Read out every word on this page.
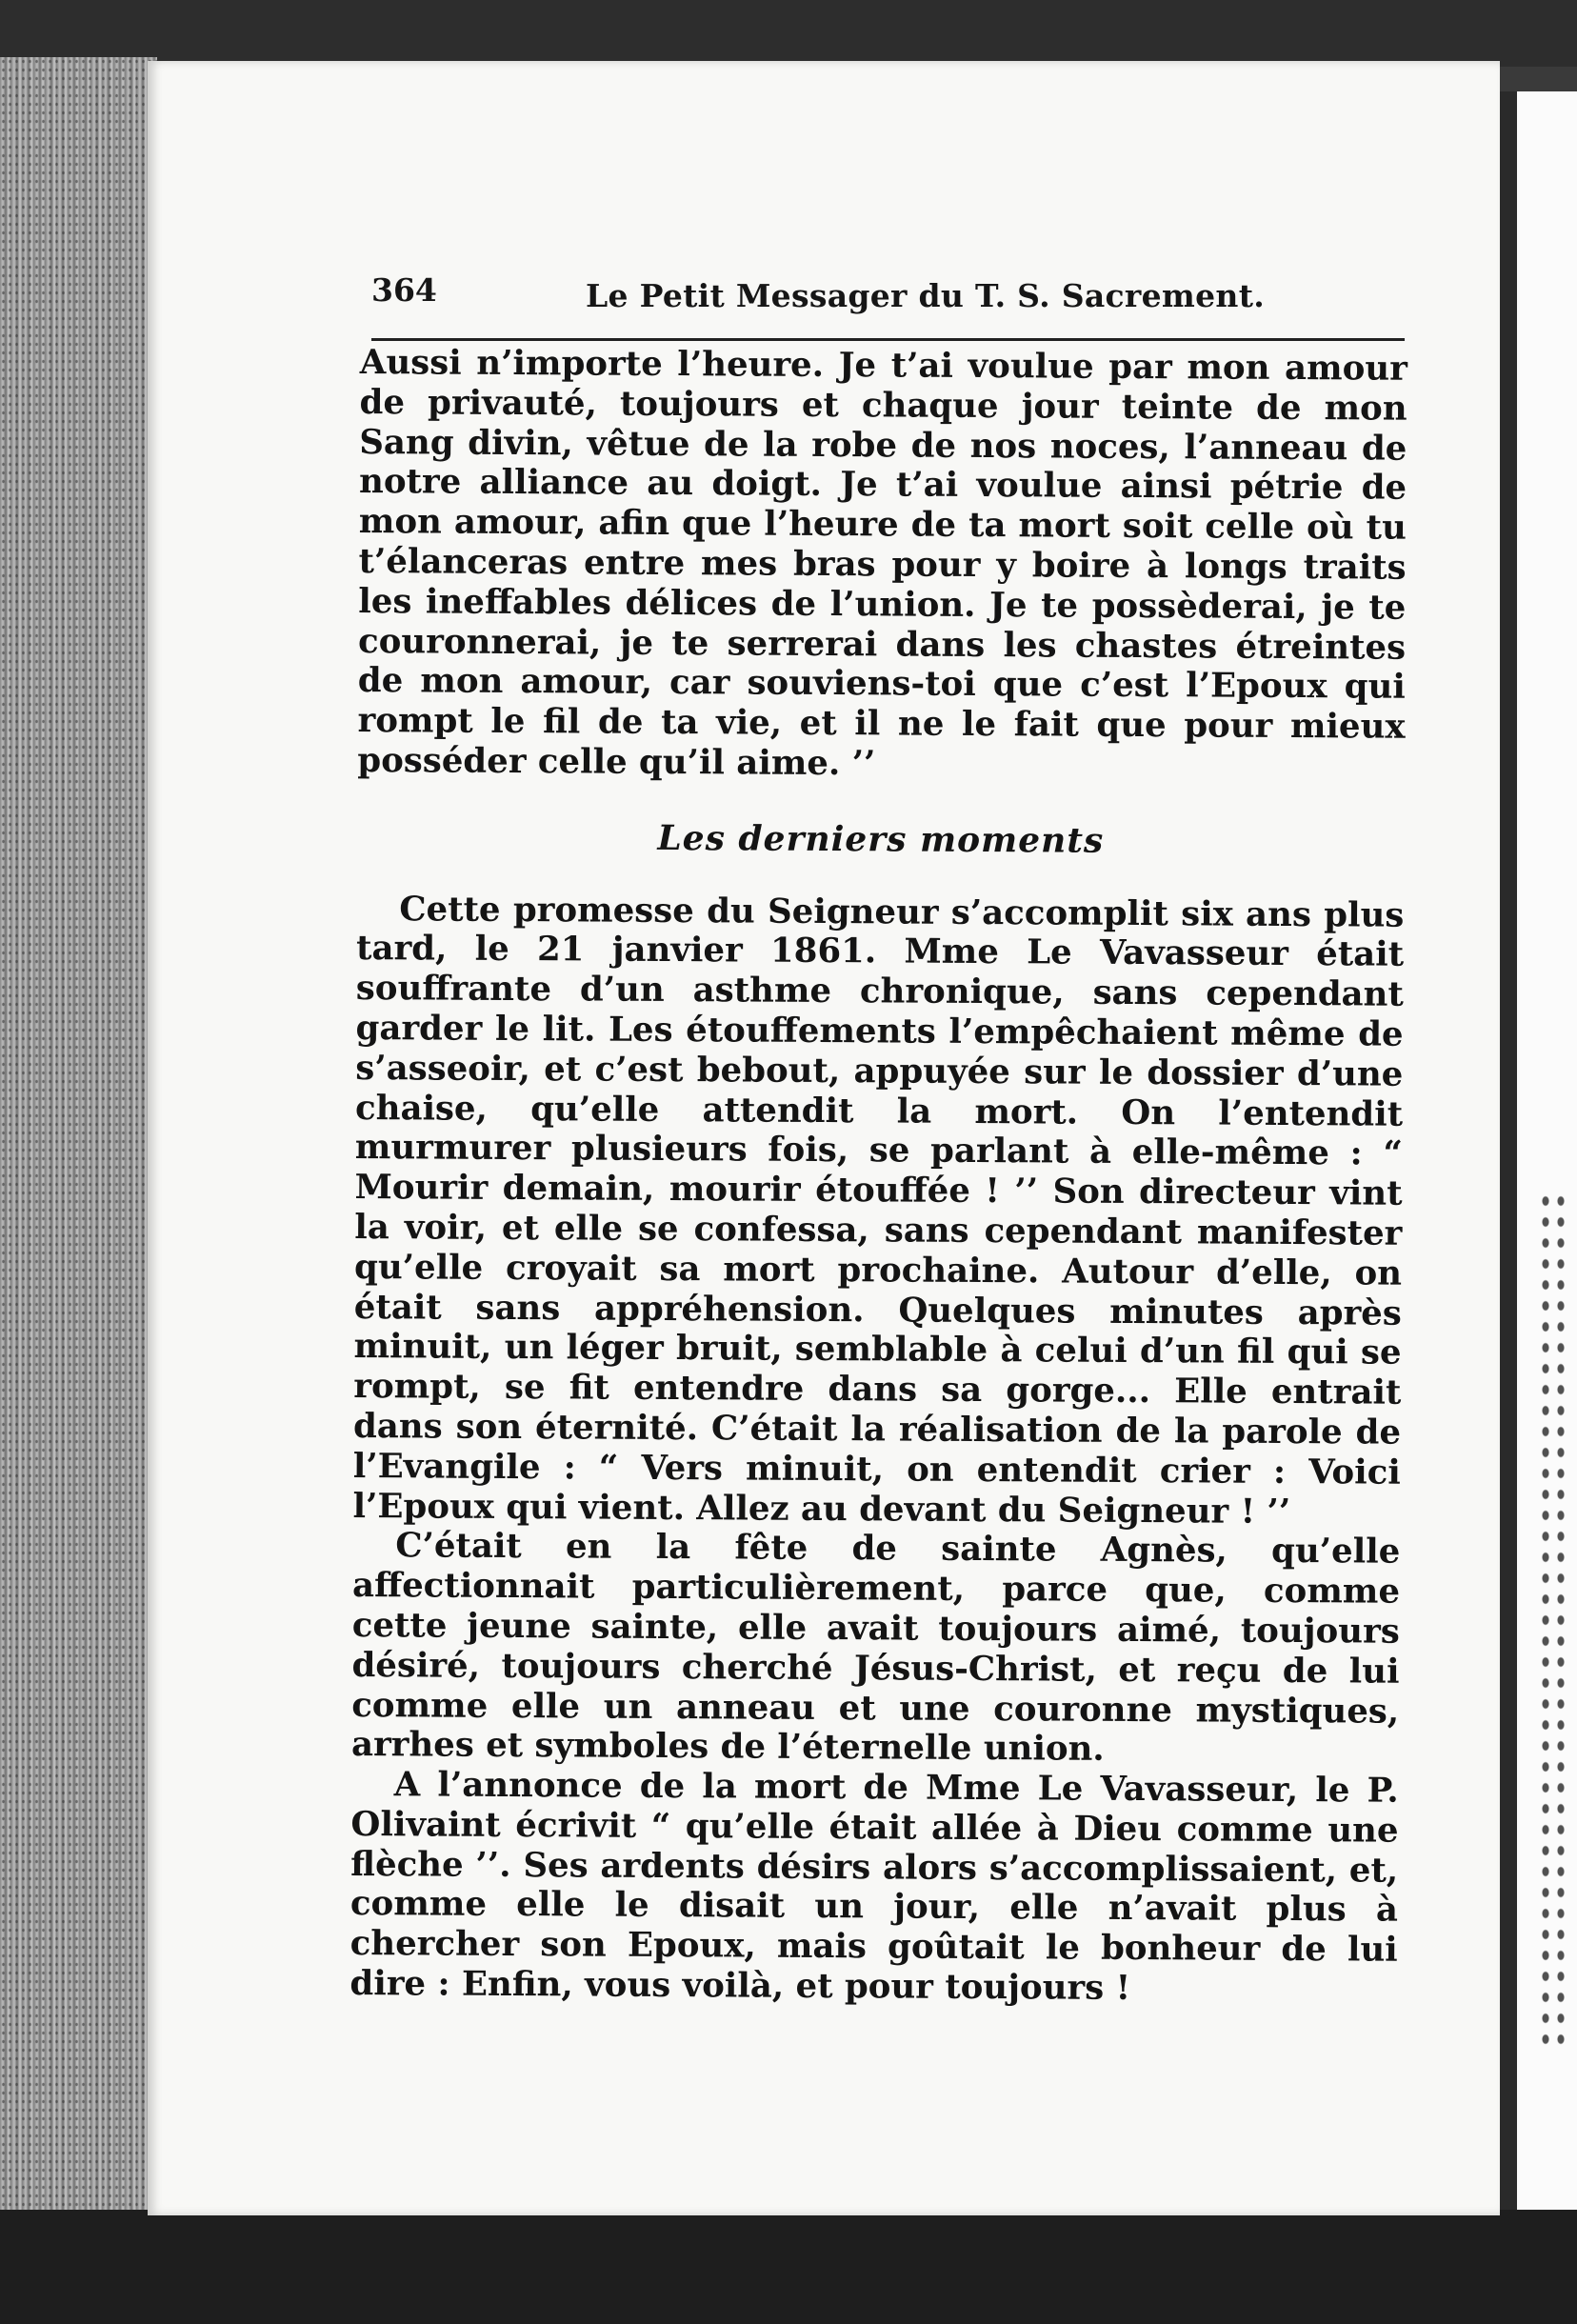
364	Le Petit Messager du T. S. Sacrement.

Aussi n’importe l’heure. Je t’ai voulue par mon amour de privauté, toujours et chaque jour teinte de mon Sang divin, vêtue de la robe de nos noces, l’anneau de notre alliance au doigt. Je t’ai voulue ainsi pétrie de mon amour, afin que l’heure de ta mort soit celle où tu t’élanceras entre mes bras pour y boire à longs traits les ineffables délices de l’union. Je te possèderai, je te couronnerai, je te serrerai dans les chastes étreintes de mon amour, car souviens-toi que c’est l’Epoux qui rompt le fil de ta vie, et il ne le fait que pour mieux posséder celle qu’il aime. ’’

Les derniers moments

Cette promesse du Seigneur s’accomplit six ans plus tard, le 21 janvier 1861. Mme Le Vavasseur était souffrante d’un asthme chronique, sans cependant garder le lit. Les étouffements l’empêchaient même de s’asseoir, et c’est bebout, appuyée sur le dossier d’une chaise, qu’elle attendit la mort. On l’entendit murmurer plusieurs fois, se parlant à elle-même : “ Mourir demain, mourir étouffée ! ’’ Son directeur vint la voir, et elle se confessa, sans cependant manifester qu’elle croyait sa mort prochaine. Autour d’elle, on était sans appréhension. Quelques minutes après minuit, un léger bruit, semblable à celui d’un fil qui se rompt, se fit entendre dans sa gorge... Elle entrait dans son éternité. C’était la réalisation de la parole de l’Evangile : “ Vers minuit, on entendit crier : Voici l’Epoux qui vient. Allez au devant du Seigneur ! ’’

C’était en la fête de sainte Agnès, qu’elle affectionnait particulièrement, parce que, comme cette jeune sainte, elle avait toujours aimé, toujours désiré, toujours cherché Jésus-Christ, et reçu de lui comme elle un anneau et une couronne mystiques, arrhes et symboles de l’éternelle union.

A l’annonce de la mort de Mme Le Vavasseur, le P. Olivaint écrivit “ qu’elle était allée à Dieu comme une flèche ’’. Ses ardents désirs alors s’accomplissaient, et, comme elle le disait un jour, elle n’avait plus à chercher son Epoux, mais goûtait le bonheur de lui dire : Enfin, vous voilà, et pour toujours !
